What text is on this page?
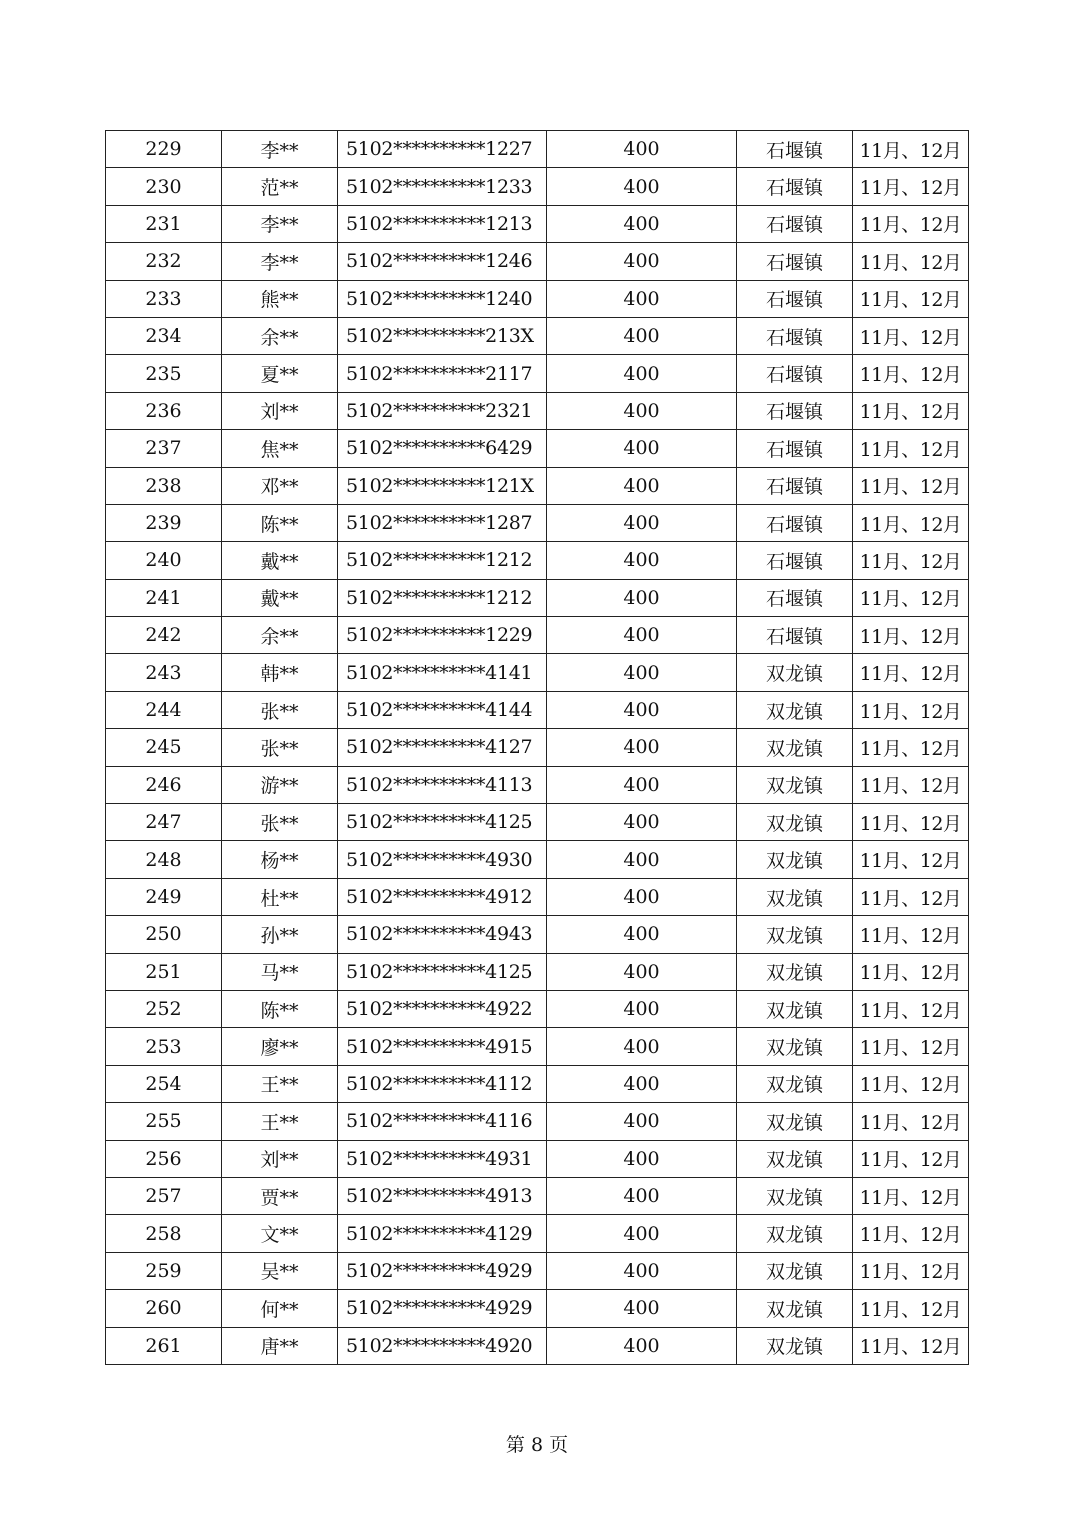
229	李**	5102**********1227	400	石堰镇	11月、12月
230	范**	5102**********1233	400	石堰镇	11月、12月
231	李**	5102**********1213	400	石堰镇	11月、12月
232	李**	5102**********1246	400	石堰镇	11月、12月
233	熊**	5102**********1240	400	石堰镇	11月、12月
234	余**	5102**********213X	400	石堰镇	11月、12月
235	夏**	5102**********2117	400	石堰镇	11月、12月
236	刘**	5102**********2321	400	石堰镇	11月、12月
237	焦**	5102**********6429	400	石堰镇	11月、12月
238	邓**	5102**********121X	400	石堰镇	11月、12月
239	陈**	5102**********1287	400	石堰镇	11月、12月
240	戴**	5102**********1212	400	石堰镇	11月、12月
241	戴**	5102**********1212	400	石堰镇	11月、12月
242	余**	5102**********1229	400	石堰镇	11月、12月
243	韩**	5102**********4141	400	双龙镇	11月、12月
244	张**	5102**********4144	400	双龙镇	11月、12月
245	张**	5102**********4127	400	双龙镇	11月、12月
246	游**	5102**********4113	400	双龙镇	11月、12月
247	张**	5102**********4125	400	双龙镇	11月、12月
248	杨**	5102**********4930	400	双龙镇	11月、12月
249	杜**	5102**********4912	400	双龙镇	11月、12月
250	孙**	5102**********4943	400	双龙镇	11月、12月
251	马**	5102**********4125	400	双龙镇	11月、12月
252	陈**	5102**********4922	400	双龙镇	11月、12月
253	廖**	5102**********4915	400	双龙镇	11月、12月
254	王**	5102**********4112	400	双龙镇	11月、12月
255	王**	5102**********4116	400	双龙镇	11月、12月
256	刘**	5102**********4931	400	双龙镇	11月、12月
257	贾**	5102**********4913	400	双龙镇	11月、12月
258	文**	5102**********4129	400	双龙镇	11月、12月
259	吴**	5102**********4929	400	双龙镇	11月、12月
260	何**	5102**********4929	400	双龙镇	11月、12月
261	唐**	5102**********4920	400	双龙镇	11月、12月
第 8 页
